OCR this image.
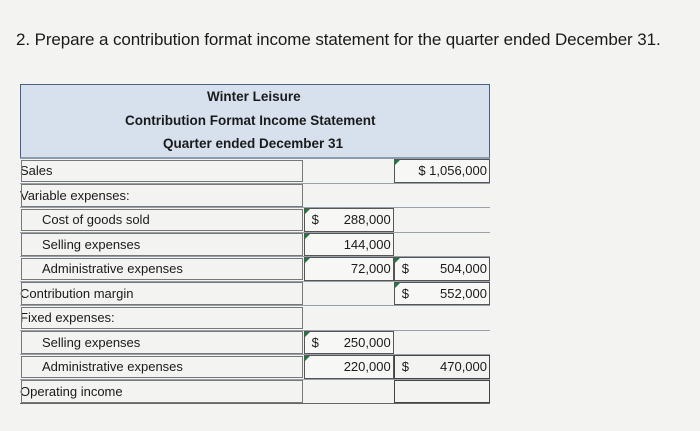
2. Prepare a contribution format income statement for the quarter ended December 31.
Winter Leisure
Contribution Format Income Statement
Quarter ended December 31
Sales		$ 1,056,000

Variable expenses:		
Cost of goods sold	$ 288,000	

Selling expenses	144,000	

Administrative expenses	72,000	$ 504,000

Contribution margin		$ 552,000

Fixed expenses:		
Selling expenses	$ 250,000	

Administrative expenses	220,000	$ 470,000

Operating income		
